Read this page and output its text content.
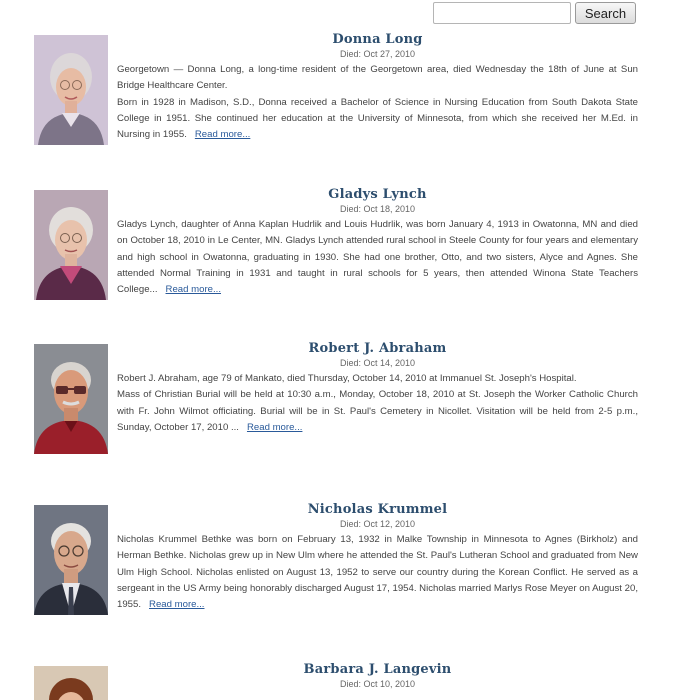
Search
Donna Long
Died: Oct 27, 2010

Georgetown — Donna Long, a long-time resident of the Georgetown area, died Wednesday the 18th of June at Sun Bridge Healthcare Center.

Born in 1928 in Madison, S.D., Donna received a Bachelor of Science in Nursing Education from South Dakota State College in 1951. She continued her education at the University of Minnesota, from which she received her M.Ed. in Nursing in 1955. Read more...

Gladys Lynch
Died: Oct 18, 2010

Gladys Lynch, daughter of Anna Kaplan Hudrlik and Louis Hudrlik, was born January 4, 1913 in Owatonna, MN and died on October 18, 2010 in Le Center, MN. Gladys Lynch attended rural school in Steele County for four years and elementary and high school in Owatonna, graduating in 1930. She had one brother, Otto, and two sisters, Alyce and Agnes. She attended Normal Training in 1931 and taught in rural schools for 5 years, then attended Winona State Teachers College... Read more...

Robert J. Abraham
Died: Oct 14, 2010

Robert J. Abraham, age 79 of Mankato, died Thursday, October 14, 2010 at Immanuel St. Joseph's Hospital.

Mass of Christian Burial will be held at 10:30 a.m., Monday, October 18, 2010 at St. Joseph the Worker Catholic Church with Fr. John Wilmot officiating. Burial will be in St. Paul's Cemetery in Nicollet. Visitation will be held from 2-5 p.m., Sunday, October 17, 2010 ... Read more...

Nicholas Krummel
Died: Oct 12, 2010

Nicholas Krummel Bethke was born on February 13, 1932 in Malke Township in Minnesota to Agnes (Birkholz) and Herman Bethke. Nicholas grew up in New Ulm where he attended the St. Paul's Lutheran School and graduated from New Ulm High School. Nicholas enlisted on August 13, 1952 to serve our country during the Korean Conflict. He served as a sergeant in the US Army being honorably discharged August 17, 1954. Nicholas married Marlys Rose Meyer on August 20, 1955. Read more...

Barbara J. Langevin
Died: Oct 10, 2010
